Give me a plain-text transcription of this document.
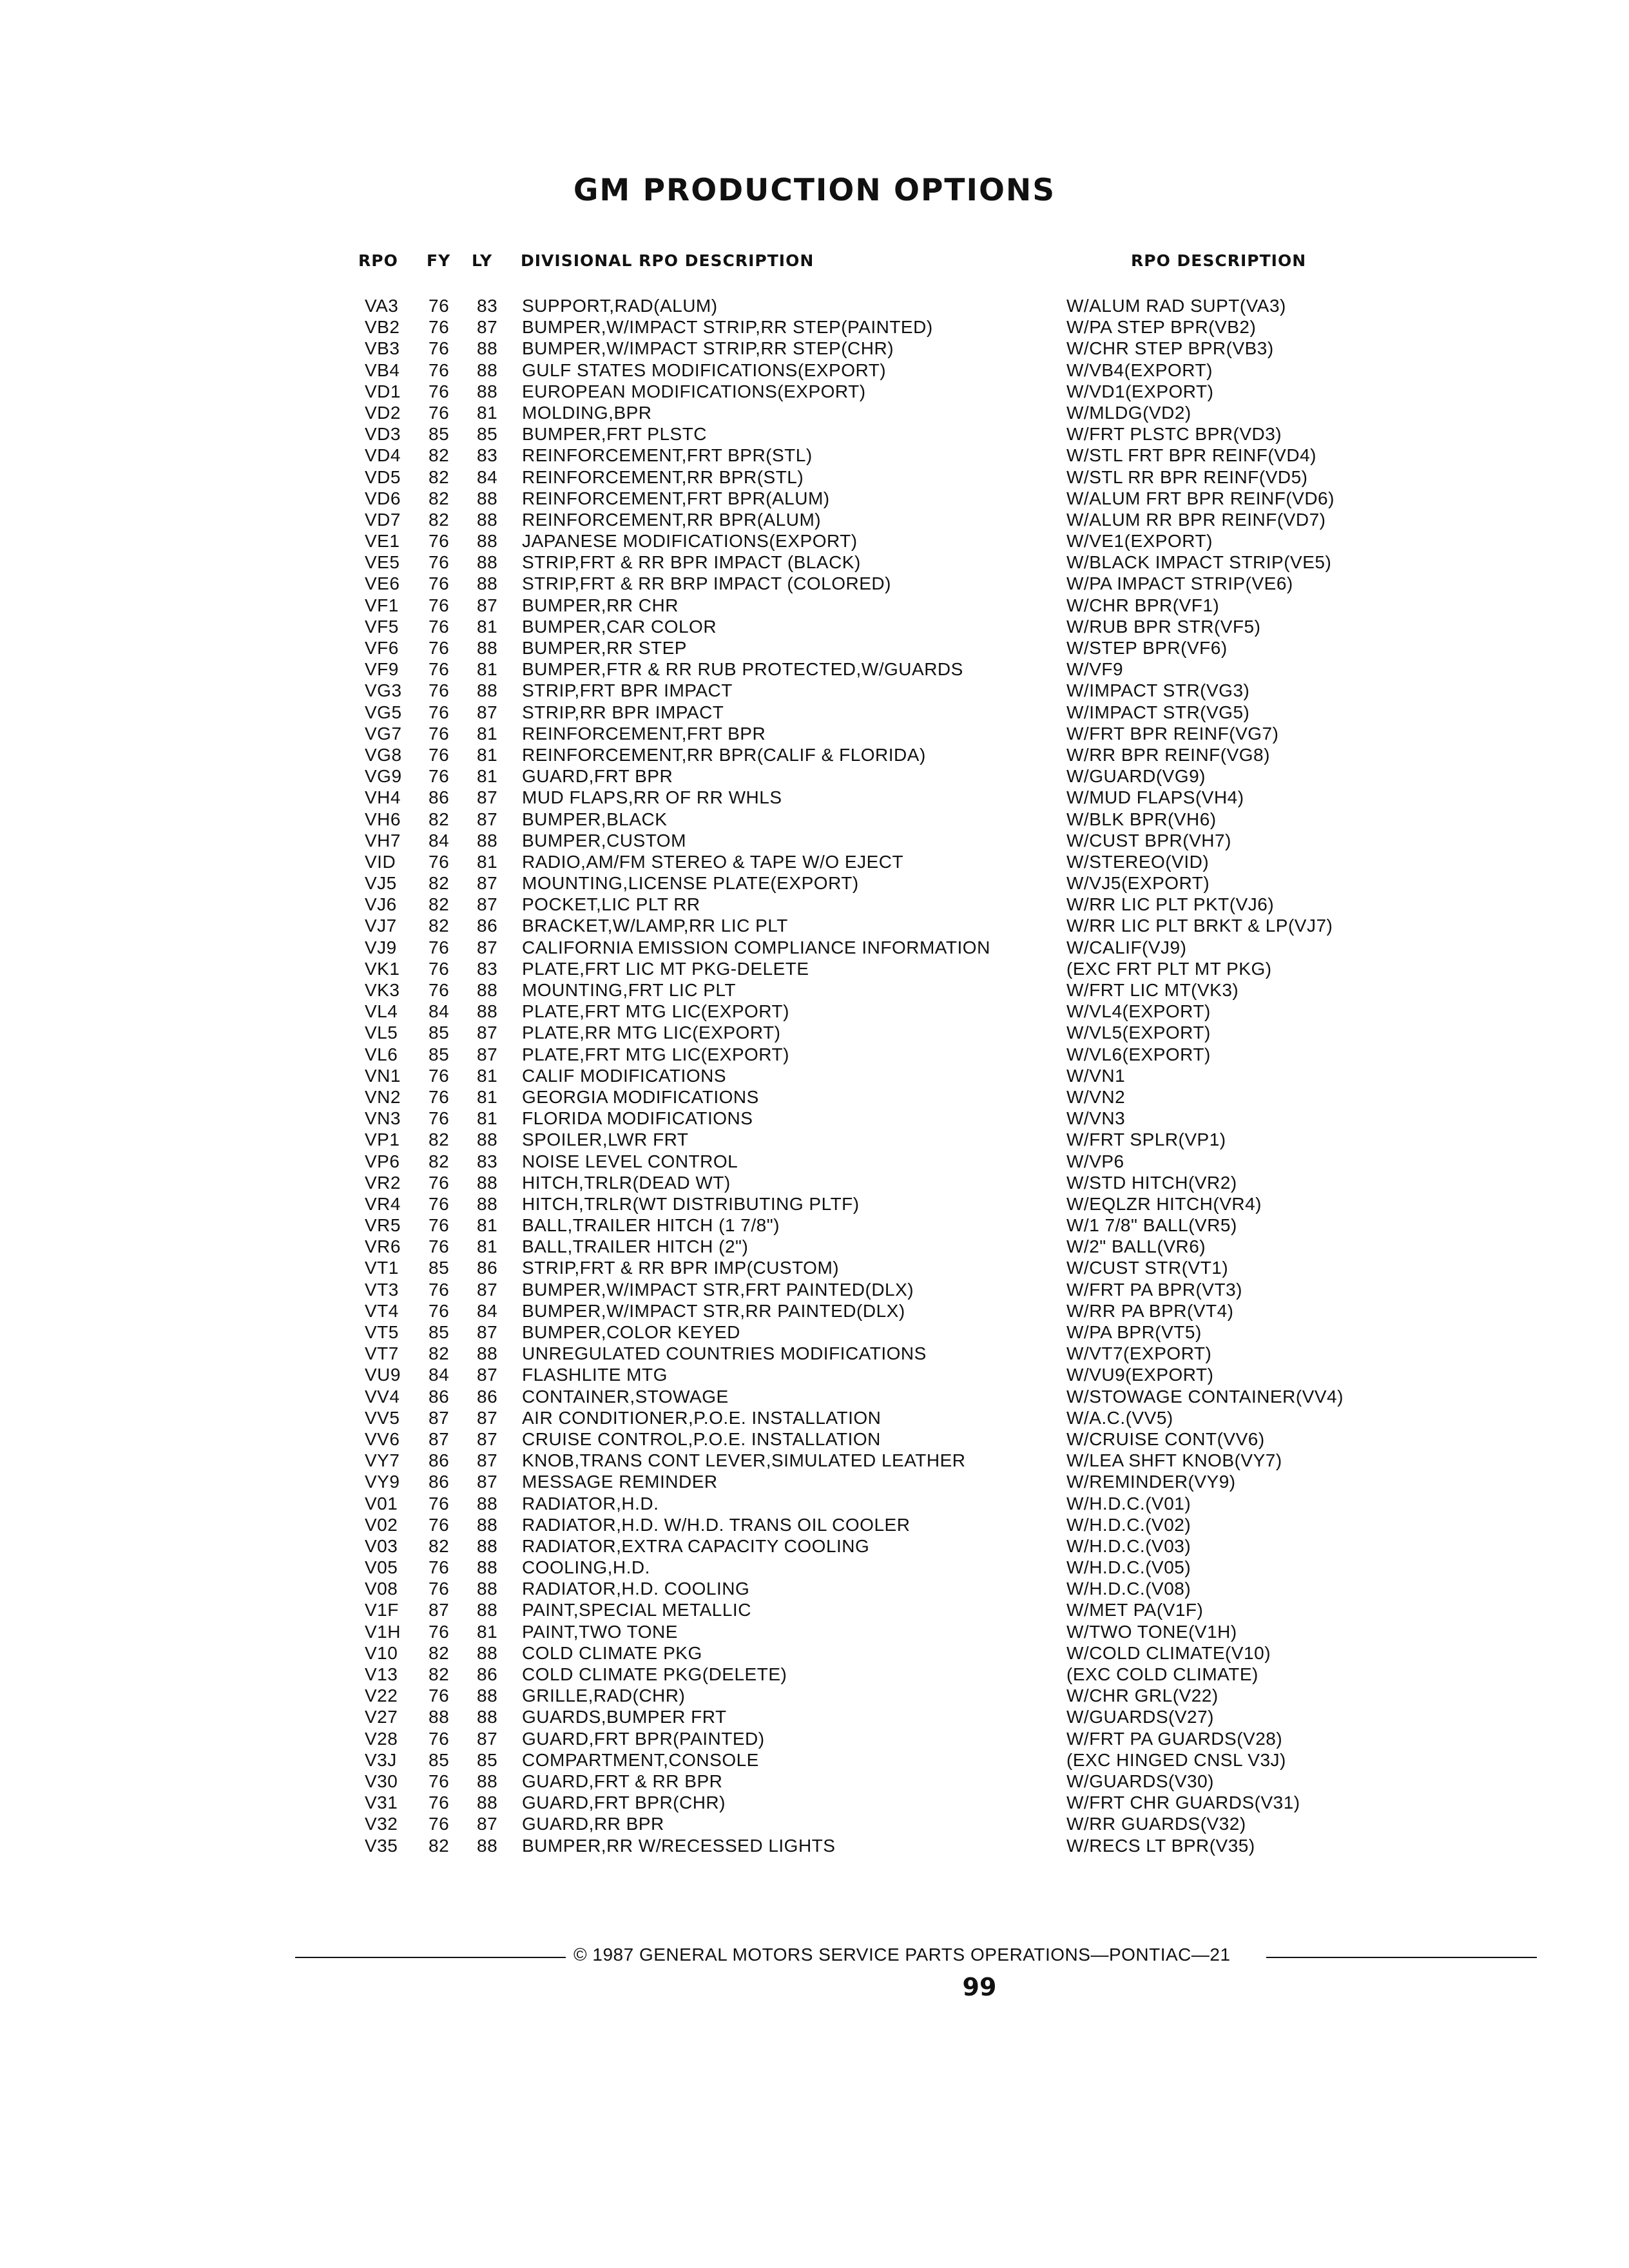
GM PRODUCTION OPTIONS
RPO FY LY DIVISIONAL RPO DESCRIPTION	RPO DESCRIPTION
VA3 76 83 SUPPORT,RAD(ALUM)	W/ALUM RAD SUPT(VA3)
VB2 76 87 BUMPER,W/IMPACT STRIP,RR STEP(PAINTED)	W/PA STEP BPR(VB2)
VB3 76 88 BUMPER,W/IMPACT STRIP,RR STEP(CHR)	W/CHR STEP BPR(VB3)
VB4 76 88 GULF STATES MODIFICATIONS(EXPORT)	W/VB4(EXPORT)
VD1 76 88 EUROPEAN MODIFICATIONS(EXPORT)	W/VD1(EXPORT)
VD2 76 81 MOLDING,BPR	W/MLDG(VD2)
VD3 85 85 BUMPER,FRT PLSTC	W/FRT PLSTC BPR(VD3)
VD4 82 83 REINFORCEMENT,FRT BPR(STL)	W/STL FRT BPR REINF(VD4)
VD5 82 84 REINFORCEMENT,RR BPR(STL)	W/STL RR BPR REINF(VD5)
VD6 82 88 REINFORCEMENT,FRT BPR(ALUM)	W/ALUM FRT BPR REINF(VD6)
VD7 82 88 REINFORCEMENT,RR BPR(ALUM)	W/ALUM RR BPR REINF(VD7)
VE1 76 88 JAPANESE MODIFICATIONS(EXPORT)	W/VE1(EXPORT)
VE5 76 88 STRIP,FRT & RR BPR IMPACT (BLACK)	W/BLACK IMPACT STRIP(VE5)
VE6 76 88 STRIP,FRT & RR BRP IMPACT (COLORED)	W/PA IMPACT STRIP(VE6)
VF1 76 87 BUMPER,RR CHR	W/CHR BPR(VF1)
VF5 76 81 BUMPER,CAR COLOR	W/RUB BPR STR(VF5)
VF6 76 88 BUMPER,RR STEP	W/STEP BPR(VF6)
VF9 76 81 BUMPER,FTR & RR RUB PROTECTED,W/GUARDS	W/VF9
VG3 76 88 STRIP,FRT BPR IMPACT	W/IMPACT STR(VG3)
VG5 76 87 STRIP,RR BPR IMPACT	W/IMPACT STR(VG5)
VG7 76 81 REINFORCEMENT,FRT BPR	W/FRT BPR REINF(VG7)
VG8 76 81 REINFORCEMENT,RR BPR(CALIF & FLORIDA)	W/RR BPR REINF(VG8)
VG9 76 81 GUARD,FRT BPR	W/GUARD(VG9)
VH4 86 87 MUD FLAPS,RR OF RR WHLS	W/MUD FLAPS(VH4)
VH6 82 87 BUMPER,BLACK	W/BLK BPR(VH6)
VH7 84 88 BUMPER,CUSTOM	W/CUST BPR(VH7)
VID 76 81 RADIO,AM/FM STEREO & TAPE W/O EJECT	W/STEREO(VID)
VJ5 82 87 MOUNTING,LICENSE PLATE(EXPORT)	W/VJ5(EXPORT)
VJ6 82 87 POCKET,LIC PLT RR	W/RR LIC PLT PKT(VJ6)
VJ7 82 86 BRACKET,W/LAMP,RR LIC PLT	W/RR LIC PLT BRKT & LP(VJ7)
VJ9 76 87 CALIFORNIA EMISSION COMPLIANCE INFORMATION	W/CALIF(VJ9)
VK1 76 83 PLATE,FRT LIC MT PKG-DELETE	(EXC FRT PLT MT PKG)
VK3 76 88 MOUNTING,FRT LIC PLT	W/FRT LIC MT(VK3)
VL4 84 88 PLATE,FRT MTG LIC(EXPORT)	W/VL4(EXPORT)
VL5 85 87 PLATE,RR MTG LIC(EXPORT)	W/VL5(EXPORT)
VL6 85 87 PLATE,FRT MTG LIC(EXPORT)	W/VL6(EXPORT)
VN1 76 81 CALIF MODIFICATIONS	W/VN1
VN2 76 81 GEORGIA MODIFICATIONS	W/VN2
VN3 76 81 FLORIDA MODIFICATIONS	W/VN3
VP1 82 88 SPOILER,LWR FRT	W/FRT SPLR(VP1)
VP6 82 83 NOISE LEVEL CONTROL	W/VP6
VR2 76 88 HITCH,TRLR(DEAD WT)	W/STD HITCH(VR2)
VR4 76 88 HITCH,TRLR(WT DISTRIBUTING PLTF)	W/EQLZR HITCH(VR4)
VR5 76 81 BALL,TRAILER HITCH (1 7/8")	W/1 7/8" BALL(VR5)
VR6 76 81 BALL,TRAILER HITCH (2")	W/2" BALL(VR6)
VT1 85 86 STRIP,FRT & RR BPR IMP(CUSTOM)	W/CUST STR(VT1)
VT3 76 87 BUMPER,W/IMPACT STR,FRT PAINTED(DLX)	W/FRT PA BPR(VT3)
VT4 76 84 BUMPER,W/IMPACT STR,RR PAINTED(DLX)	W/RR PA BPR(VT4)
VT5 85 87 BUMPER,COLOR KEYED	W/PA BPR(VT5)
VT7 82 88 UNREGULATED COUNTRIES MODIFICATIONS	W/VT7(EXPORT)
VU9 84 87 FLASHLITE MTG	W/VU9(EXPORT)
VV4 86 86 CONTAINER,STOWAGE	W/STOWAGE CONTAINER(VV4)
VV5 87 87 AIR CONDITIONER,P.O.E. INSTALLATION	W/A.C.(VV5)
VV6 87 87 CRUISE CONTROL,P.O.E. INSTALLATION	W/CRUISE CONT(VV6)
VY7 86 87 KNOB,TRANS CONT LEVER,SIMULATED LEATHER	W/LEA SHFT KNOB(VY7)
VY9 86 87 MESSAGE REMINDER	W/REMINDER(VY9)
V01 76 88 RADIATOR,H.D.	W/H.D.C.(V01)
V02 76 88 RADIATOR,H.D. W/H.D. TRANS OIL COOLER	W/H.D.C.(V02)
V03 82 88 RADIATOR,EXTRA CAPACITY COOLING	W/H.D.C.(V03)
V05 76 88 COOLING,H.D.	W/H.D.C.(V05)
V08 76 88 RADIATOR,H.D. COOLING	W/H.D.C.(V08)
V1F 87 88 PAINT,SPECIAL METALLIC	W/MET PA(V1F)
V1H 76 81 PAINT,TWO TONE	W/TWO TONE(V1H)
V10 82 88 COLD CLIMATE PKG	W/COLD CLIMATE(V10)
V13 82 86 COLD CLIMATE PKG(DELETE)	(EXC COLD CLIMATE)
V22 76 88 GRILLE,RAD(CHR)	W/CHR GRL(V22)
V27 88 88 GUARDS,BUMPER FRT	W/GUARDS(V27)
V28 76 87 GUARD,FRT BPR(PAINTED)	W/FRT PA GUARDS(V28)
V3J 85 85 COMPARTMENT,CONSOLE	(EXC HINGED CNSL V3J)
V30 76 88 GUARD,FRT & RR BPR	W/GUARDS(V30)
V31 76 88 GUARD,FRT BPR(CHR)	W/FRT CHR GUARDS(V31)
V32 76 87 GUARD,RR BPR	W/RR GUARDS(V32)
V35 82 88 BUMPER,RR W/RECESSED LIGHTS	W/RECS LT BPR(V35)
© 1987 GENERAL MOTORS SERVICE PARTS OPERATIONS—PONTIAC—21
99
